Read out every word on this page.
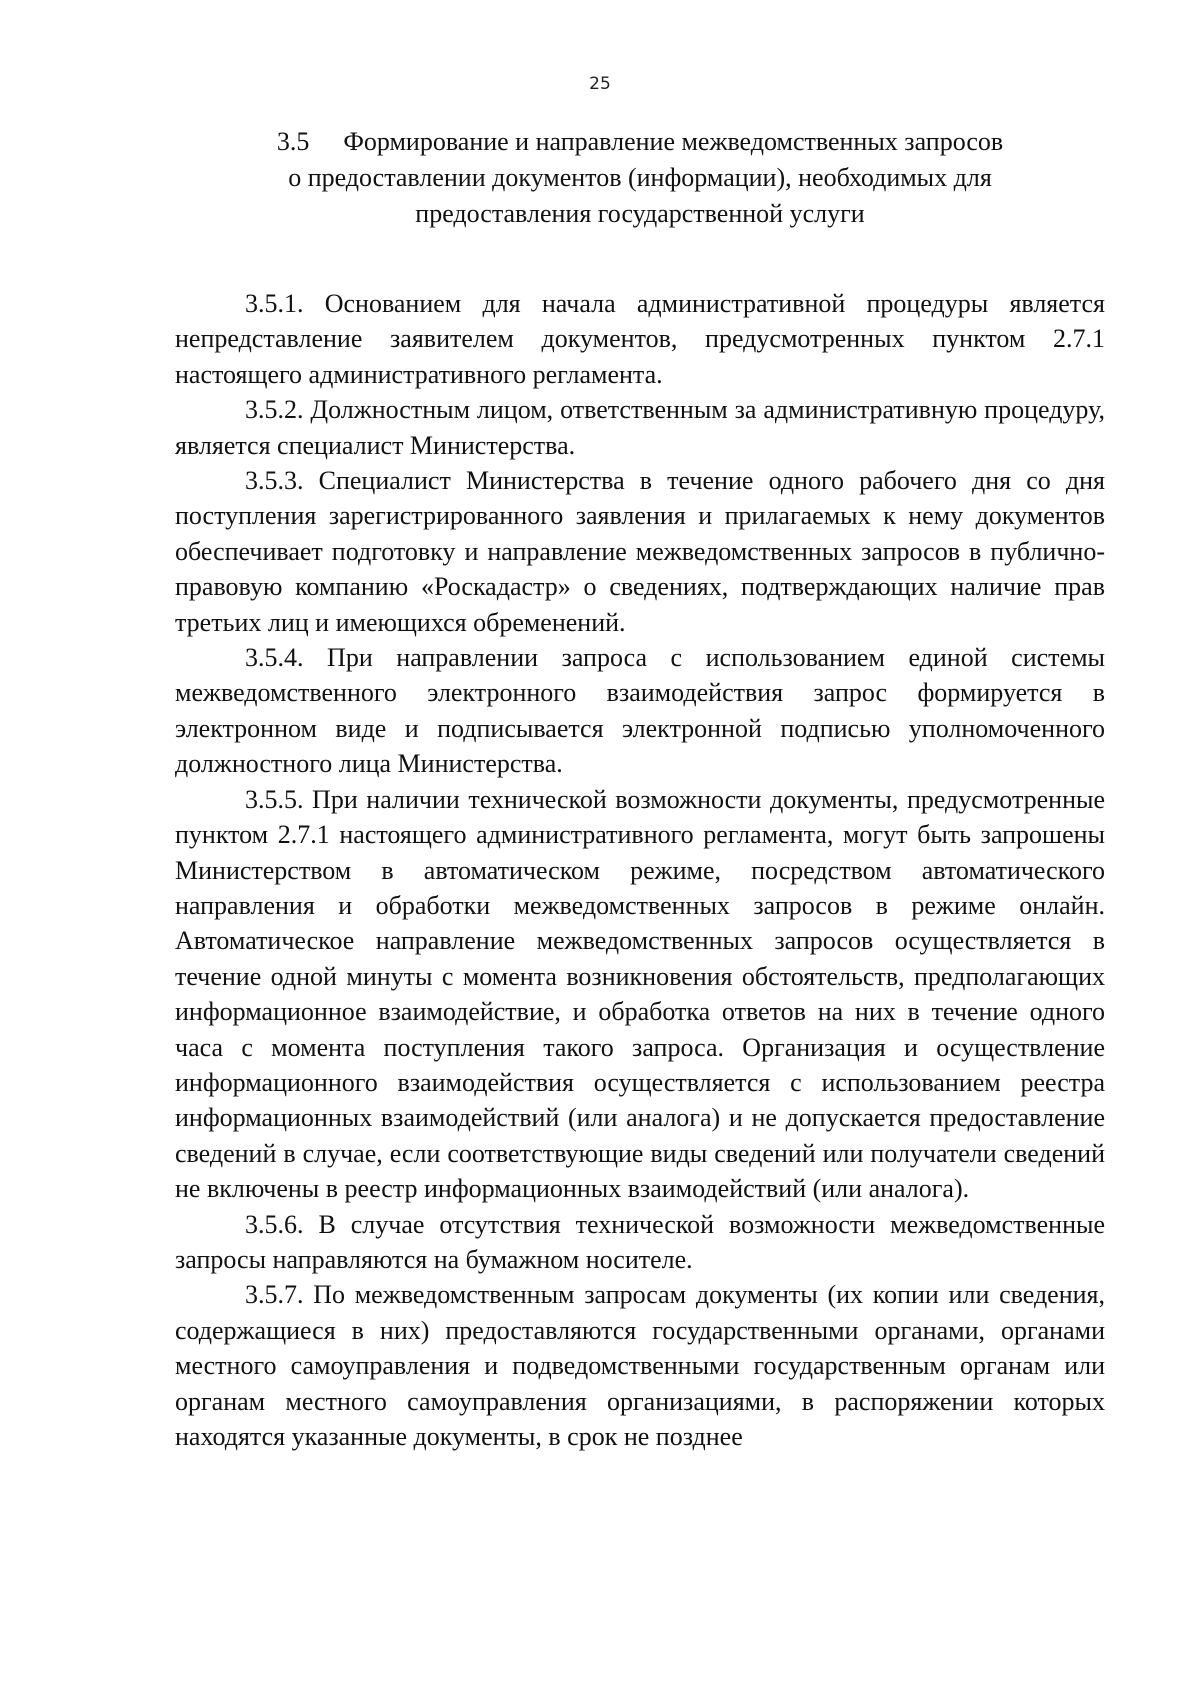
25
3.5 Формирование и направление межведомственных запросов
о предоставлении документов (информации), необходимых для
предоставления государственной услуги

3.5.1. Основанием для начала административной процедуры является непредставление заявителем документов, предусмотренных пунктом 2.7.1 настоящего административного регламента.

3.5.2. Должностным лицом, ответственным за административную процедуру, является специалист Министерства.

3.5.3. Специалист Министерства в течение одного рабочего дня со дня поступления зарегистрированного заявления и прилагаемых к нему документов обеспечивает подготовку и направление межведомственных запросов в публично-правовую компанию «Роскадастр» о сведениях, подтверждающих наличие прав третьих лиц и имеющихся обременений.

3.5.4. При направлении запроса с использованием единой системы межведомственного электронного взаимодействия запрос формируется в электронном виде и подписывается электронной подписью уполномоченного должностного лица Министерства.

3.5.5. При наличии технической возможности документы, предусмотренные пунктом 2.7.1 настоящего административного регламента, могут быть запрошены Министерством в автоматическом режиме, посредством автоматического направления и обработки межведомственных запросов в режиме онлайн. Автоматическое направление межведомственных запросов осуществляется в течение одной минуты с момента возникновения обстоятельств, предполагающих информационное взаимодействие, и обработка ответов на них в течение одного часа с момента поступления такого запроса. Организация и осуществление информационного взаимодействия осуществляется с использованием реестра информационных взаимодействий (или аналога) и не допускается предоставление сведений в случае, если соответствующие виды сведений или получатели сведений не включены в реестр информационных взаимодействий (или аналога).

3.5.6. В случае отсутствия технической возможности межведомственные запросы направляются на бумажном носителе.

3.5.7. По межведомственным запросам документы (их копии или сведения, содержащиеся в них) предоставляются государственными органами, органами местного самоуправления и подведомственными государственным органам или органам местного самоуправления организациями, в распоряжении которых находятся указанные документы, в срок не позднее
